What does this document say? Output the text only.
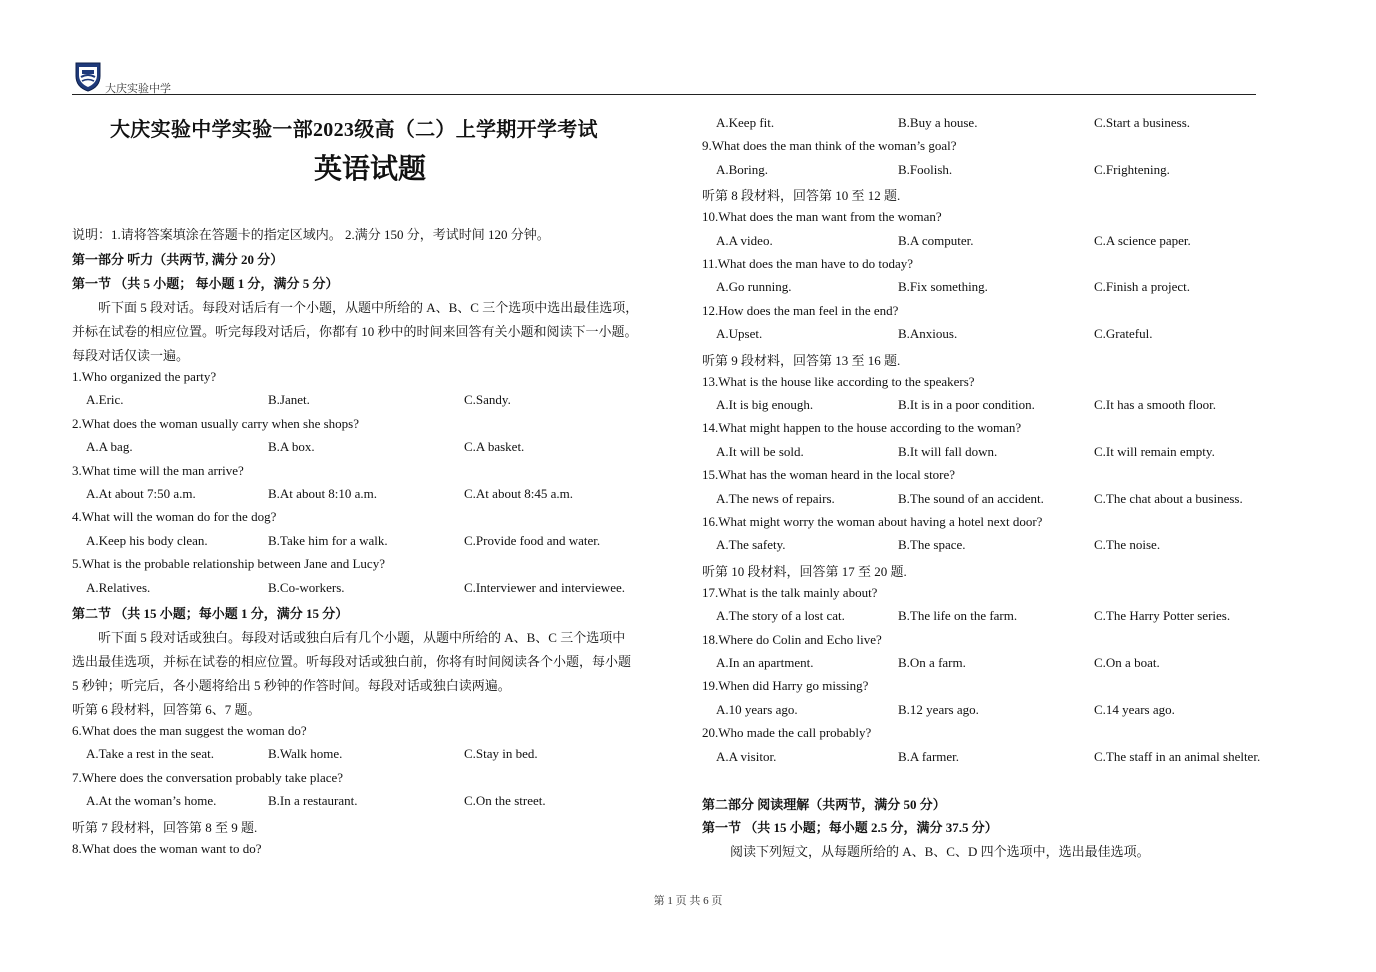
大庆实验中学
大庆实验中学实验一部2023级高（二）上学期开学考试
英语试题
第 1 页 共 6 页
说明：1.请将答案填涂在答题卡的指定区域内。 2.满分 150 分，考试时间 120 分钟。
第一部分 听力（共两节, 满分 20 分）
第一节 （共 5 小题； 每小题 1 分，满分 5 分）
　　听下面 5 段对话。每段对话后有一个小题，从题中所给的 A、B、C 三个选项中选出最佳选项，
并标在试卷的相应位置。听完每段对话后，你都有 10 秒中的时间来回答有关小题和阅读下一小题。
每段对话仅读一遍。
1.Who organized the party?
A.Eric.	B.Janet.	C.Sandy.
2.What does the woman usually carry when she shops?
A.A bag.	B.A box.	C.A basket.
3.What time will the man arrive?
A.At about 7:50 a.m.	B.At about 8:10 a.m.	C.At about 8:45 a.m.
4.What will the woman do for the dog?
A.Keep his body clean.	B.Take him for a walk.	C.Provide food and water.
5.What is the probable relationship between Jane and Lucy?
A.Relatives.	B.Co-workers.	C.Interviewer and interviewee.
第二节 （共 15 小题；每小题 1 分，满分 15 分）
　　听下面 5 段对话或独白。每段对话或独白后有几个小题，从题中所给的 A、B、C 三个选项中
选出最佳选项，并标在试卷的相应位置。听每段对话或独白前，你将有时间阅读各个小题，每小题
5 秒钟；听完后，各小题将给出 5 秒钟的作答时间。每段对话或独白读两遍。
听第 6 段材料，回答第 6、7 题。
6.What does the man suggest the woman do?
A.Take a rest in the seat.	B.Walk home.	C.Stay in bed.
7.Where does the conversation probably take place?
A.At the woman’s home.	B.In a restaurant.	C.On the street.
听第 7 段材料，回答第 8 至 9 题.
8.What does the woman want to do?
A.Keep fit.	B.Buy a house.	C.Start a business.
9.What does the man think of the woman’s goal?
A.Boring.	B.Foolish.	C.Frightening.
听第 8 段材料，回答第 10 至 12 题.
10.What does the man want from the woman?
A.A video.	B.A computer.	C.A science paper.
11.What does the man have to do today?
A.Go running.	B.Fix something.	C.Finish a project.
12.How does the man feel in the end?
A.Upset.	B.Anxious.	C.Grateful.
听第 9 段材料，回答第 13 至 16 题.
13.What is the house like according to the speakers?
A.It is big enough.	B.It is in a poor condition.	C.It has a smooth floor.
14.What might happen to the house according to the woman?
A.It will be sold.	B.It will fall down.	C.It will remain empty.
15.What has the woman heard in the local store?
A.The news of repairs.	B.The sound of an accident.	C.The chat about a business.
16.What might worry the woman about having a hotel next door?
A.The safety.	B.The space.	C.The noise.
听第 10 段材料，回答第 17 至 20 题.
17.What is the talk mainly about?
A.The story of a lost cat.	B.The life on the farm.	C.The Harry Potter series.
18.Where do Colin and Echo live?
A.In an apartment.	B.On a farm.	C.On a boat.
19.When did Harry go missing?
A.10 years ago.	B.12 years ago.	C.14 years ago.
20.Who made the call probably?
A.A visitor.	B.A farmer.	C.The staff in an animal shelter.
第二部分 阅读理解（共两节，满分 50 分）
第一节 （共 15 小题；每小题 2.5 分，满分 37.5 分）
阅读下列短文，从每题所给的 A、B、C、D 四个选项中，选出最佳选项。
